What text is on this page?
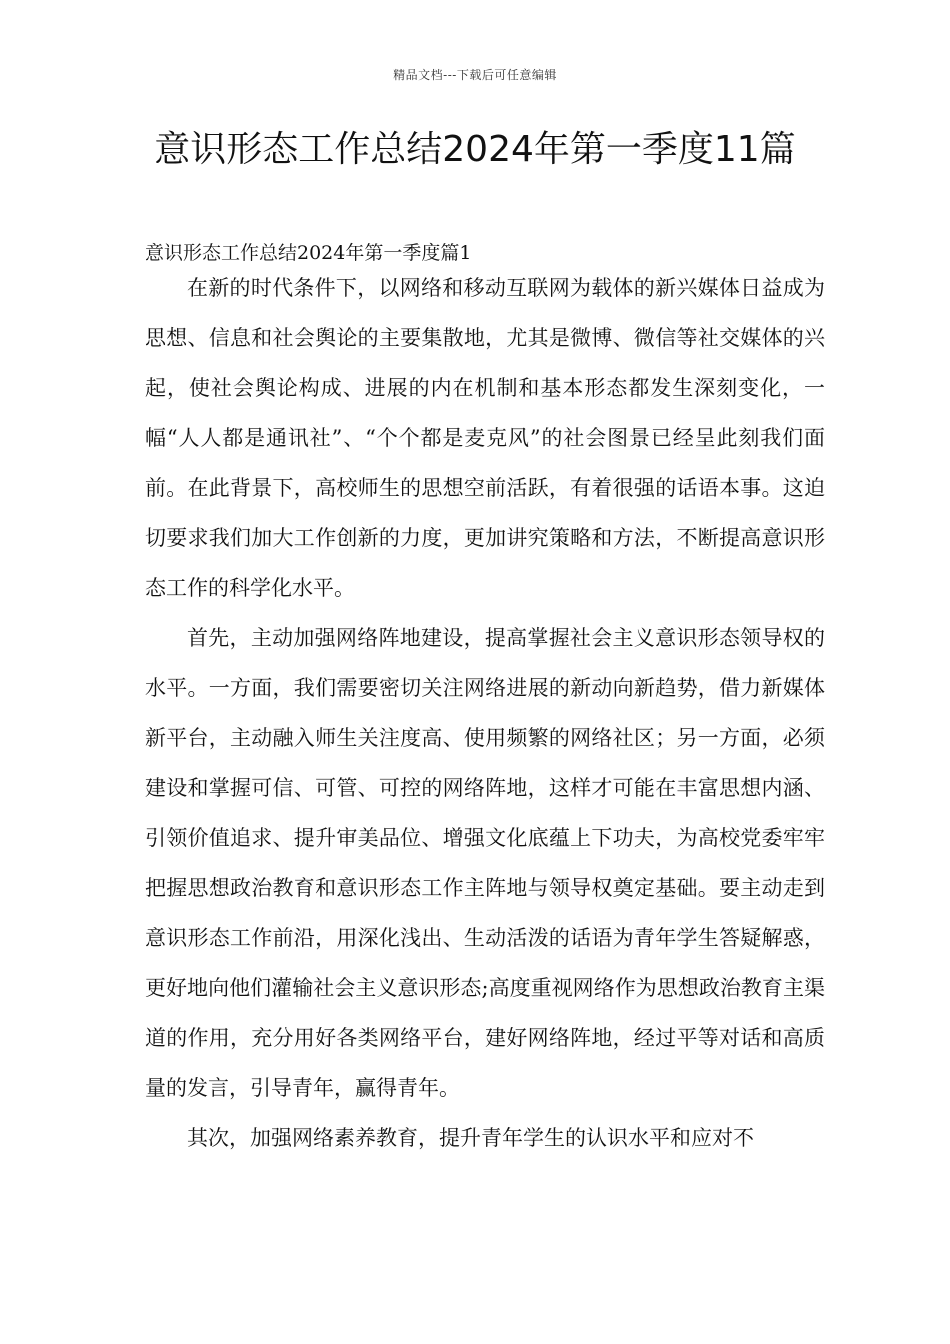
精品文档---下载后可任意编辑
意识形态工作总结2024年第一季度11篇
意识形态工作总结2024年第一季度篇1

在新的时代条件下，以网络和移动互联网为载体的新兴媒体日益成为思想、信息和社会舆论的主要集散地，尤其是微博、微信等社交媒体的兴起，使社会舆论构成、进展的内在机制和基本形态都发生深刻变化，一幅“人人都是通讯社”、“个个都是麦克风”的社会图景已经呈此刻我们面前。在此背景下，高校师生的思想空前活跃，有着很强的话语本事。这迫切要求我们加大工作创新的力度，更加讲究策略和方法，不断提高意识形态工作的科学化水平。

首先，主动加强网络阵地建设，提高掌握社会主义意识形态领导权的水平。一方面，我们需要密切关注网络进展的新动向新趋势，借力新媒体新平台，主动融入师生关注度高、使用频繁的网络社区；另一方面，必须建设和掌握可信、可管、可控的网络阵地，这样才可能在丰富思想内涵、引领价值追求、提升审美品位、增强文化底蕴上下功夫，为高校党委牢牢把握思想政治教育和意识形态工作主阵地与领导权奠定基础。要主动走到意识形态工作前沿，用深化浅出、生动活泼的话语为青年学生答疑解惑，更好地向他们灌输社会主义意识形态;高度重视网络作为思想政治教育主渠道的作用，充分用好各类网络平台，建好网络阵地，经过平等对话和高质量的发言，引导青年，赢得青年。

其次，加强网络素养教育，提升青年学生的认识水平和应对不
